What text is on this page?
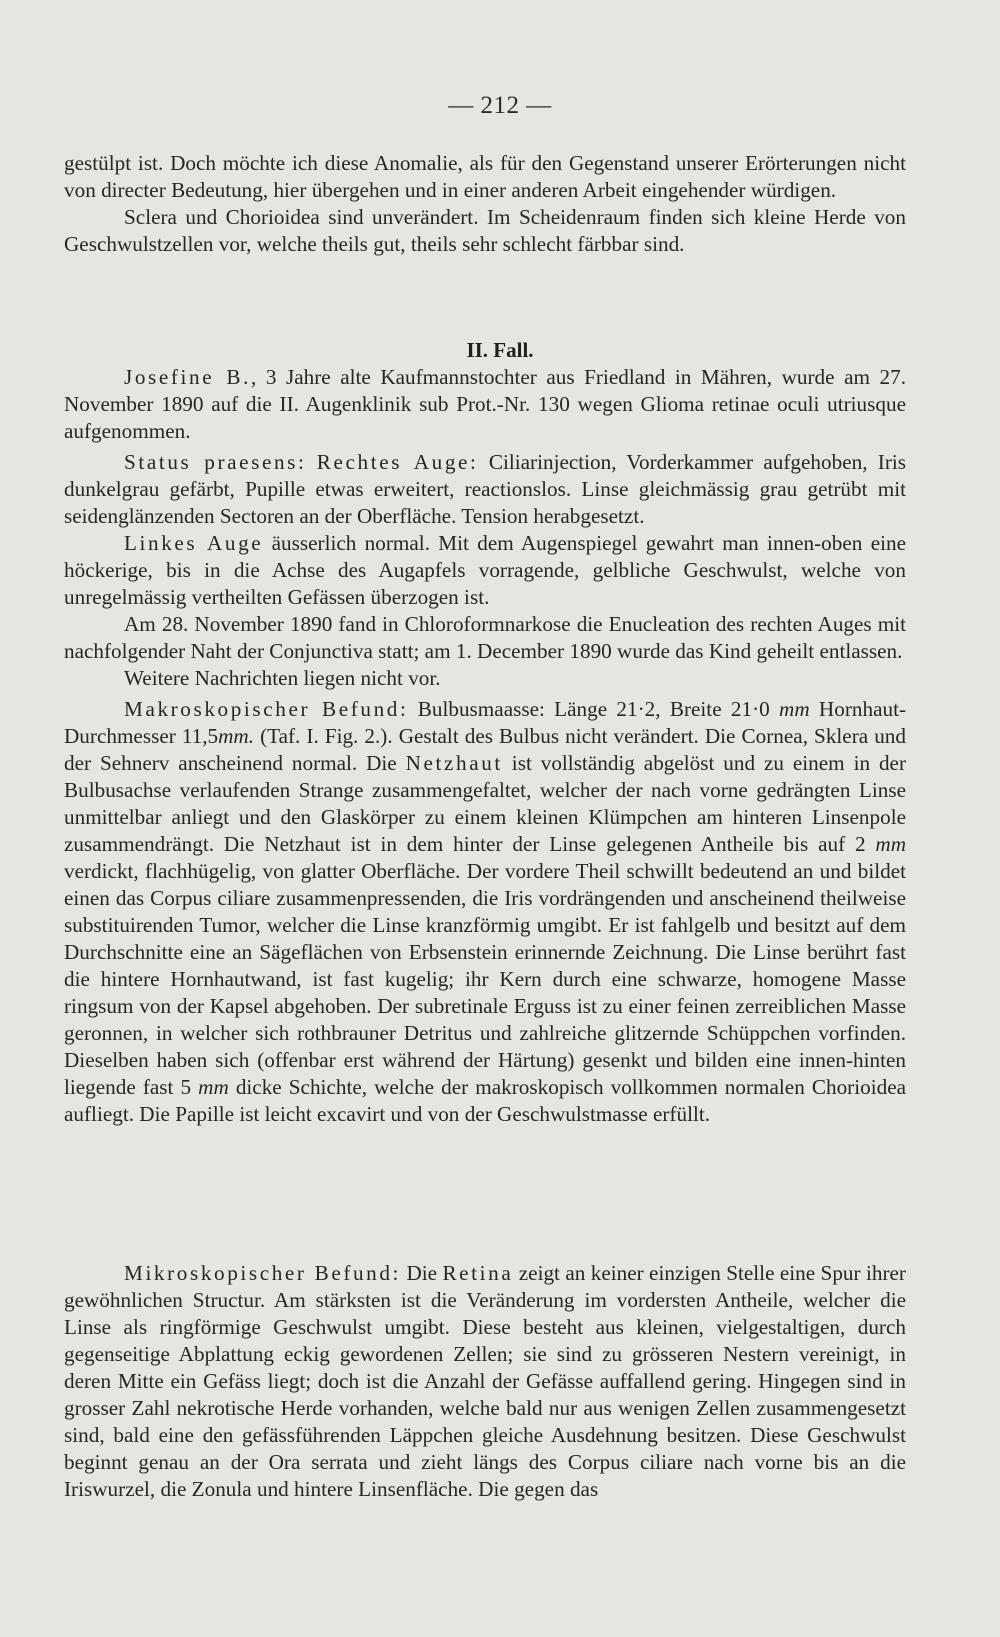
— 212 —

gestülpt ist. Doch möchte ich diese Anomalie, als für den Gegenstand unserer Erörterungen nicht von directer Bedeutung, hier übergehen und in einer anderen Arbeit eingehender würdigen.

Sclera und Chorioidea sind unverändert. Im Scheidenraum finden sich kleine Herde von Geschwulstzellen vor, welche theils gut, theils sehr schlecht färbbar sind.

II. Fall.

Josefine B., 3 Jahre alte Kaufmannstochter aus Friedland in Mähren, wurde am 27. November 1890 auf die II. Augenklinik sub Prot.-Nr. 130 wegen Glioma retinae oculi utriusque aufgenommen.

Status praesens: Rechtes Auge: Ciliarinjection, Vorderkammer aufgehoben, Iris dunkelgrau gefärbt, Pupille etwas erweitert, reactionslos. Linse gleichmässig grau getrübt mit seidenglänzenden Sectoren an der Oberfläche. Tension herabgesetzt.

Linkes Auge äusserlich normal. Mit dem Augenspiegel gewahrt man innen-oben eine höckerige, bis in die Achse des Augapfels vorragende, gelbliche Geschwulst, welche von unregelmässig vertheilten Gefässen überzogen ist.

Am 28. November 1890 fand in Chloroformnarkose die Enucleation des rechten Auges mit nachfolgender Naht der Conjunctiva statt; am 1. December 1890 wurde das Kind geheilt entlassen.

Weitere Nachrichten liegen nicht vor.

Makroskopischer Befund: Bulbusmaasse: Länge 21·2, Breite 21·0 mm Hornhaut-Durchmesser 11,5mm. (Taf. I. Fig. 2.). Gestalt des Bulbus nicht verändert. Die Cornea, Sklera und der Sehnerv anscheinend normal. Die Netzhaut ist vollständig abgelöst und zu einem in der Bulbusachse verlaufenden Strange zusammengefaltet, welcher der nach vorne gedrängten Linse unmittelbar anliegt und den Glaskörper zu einem kleinen Klümpchen am hinteren Linsenpole zusammendrängt. Die Netzhaut ist in dem hinter der Linse gelegenen Antheile bis auf 2 mm verdickt, flachhügelig, von glatter Oberfläche. Der vordere Theil schwillt bedeutend an und bildet einen das Corpus ciliare zusammenpressenden, die Iris vordrängenden und anscheinend theilweise substituirenden Tumor, welcher die Linse kranzförmig umgibt. Er ist fahlgelb und besitzt auf dem Durchschnitte eine an Sägeflächen von Erbsenstein erinnernde Zeichnung. Die Linse berührt fast die hintere Hornhautwand, ist fast kugelig; ihr Kern durch eine schwarze, homogene Masse ringsum von der Kapsel abgehoben. Der subretinale Erguss ist zu einer feinen zerreiblichen Masse geronnen, in welcher sich rothbrauner Detritus und zahlreiche glitzernde Schüppchen vorfinden. Dieselben haben sich (offenbar erst während der Härtung) gesenkt und bilden eine innen-hinten liegende fast 5 mm dicke Schichte, welche der makroskopisch vollkommen normalen Chorioidea aufliegt. Die Papille ist leicht excavirt und von der Geschwulstmasse erfüllt.

Mikroskopischer Befund: Die Retina zeigt an keiner einzigen Stelle eine Spur ihrer gewöhnlichen Structur. Am stärksten ist die Veränderung im vordersten Antheile, welcher die Linse als ringförmige Geschwulst umgibt. Diese besteht aus kleinen, vielgestaltigen, durch gegenseitige Abplattung eckig gewordenen Zellen; sie sind zu grösseren Nestern vereinigt, in deren Mitte ein Gefäss liegt; doch ist die Anzahl der Gefässe auffallend gering. Hingegen sind in grosser Zahl nekrotische Herde vorhanden, welche bald nur aus wenigen Zellen zusammengesetzt sind, bald eine den gefässführenden Läppchen gleiche Ausdehnung besitzen. Diese Geschwulst beginnt genau an der Ora serrata und zieht längs des Corpus ciliare nach vorne bis an die Iriswurzel, die Zonula und hintere Linsenfläche. Die gegen das
